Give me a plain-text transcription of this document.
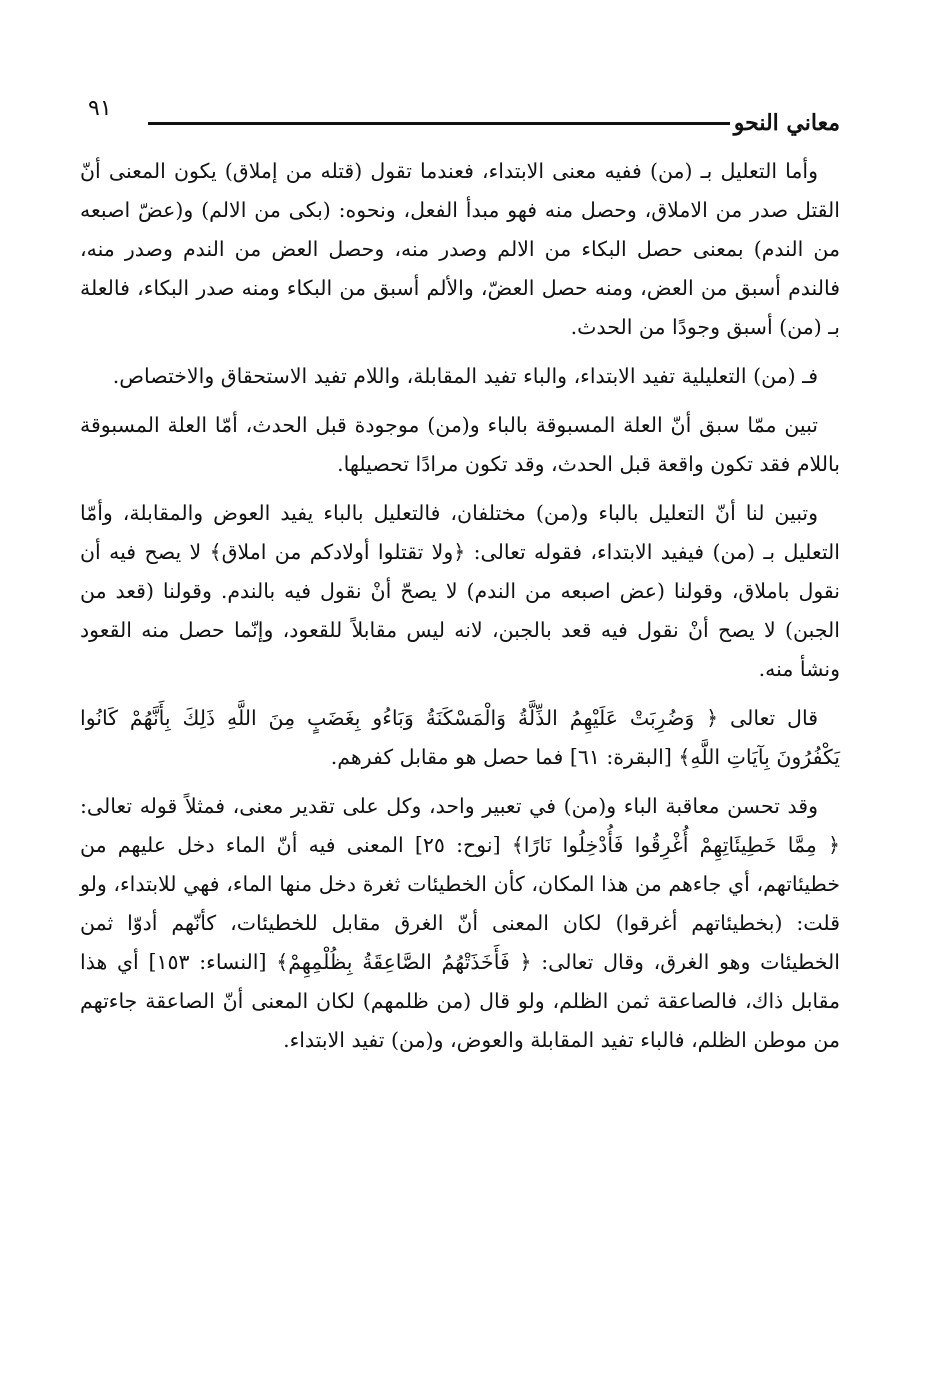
معاني النحو
٩١

وأما التعليل بـ (من) ففيه معنى الابتداء، فعندما تقول (قتله من إملاق) يكون المعنى أنّ القتل صدر من الاملاق، وحصل منه فهو مبدأ الفعل، ونحوه: (بكى من الالم) و(عضّ اصبعه من الندم) بمعنى حصل البكاء من الالم وصدر منه، وحصل العض من الندم وصدر منه، فالندم أسبق من العض، ومنه حصل العضّ، والألم أسبق من البكاء ومنه صدر البكاء، فالعلة بـ (من) أسبق وجودًا من الحدث.

فـ (من) التعليلية تفيد الابتداء، والباء تفيد المقابلة، واللام تفيد الاستحقاق والاختصاص.

تبين ممّا سبق أنّ العلة المسبوقة بالباء و(من) موجودة قبل الحدث، أمّا العلة المسبوقة باللام فقد تكون واقعة قبل الحدث، وقد تكون مرادًا تحصيلها.

وتبين لنا أنّ التعليل بالباء و(من) مختلفان، فالتعليل بالباء يفيد العوض والمقابلة، وأمّا التعليل بـ (من) فيفيد الابتداء، فقوله تعالى: ﴿ولا تقتلوا أولادكم من املاق﴾ لا يصح فيه أن نقول باملاق، وقولنا (عض اصبعه من الندم) لا يصحّ أنْ نقول فيه بالندم. وقولنا (قعد من الجبن) لا يصح أنْ نقول فيه قعد بالجبن، لانه ليس مقابلاً للقعود، وإنّما حصل منه القعود ونشأ منه.

قال تعالى ﴿ وَضُرِبَتْ عَلَيْهِمُ الذِّلَّةُ وَالْمَسْكَنَةُ وَبَاءُو بِغَضَبٍ مِنَ اللَّهِ ذَلِكَ بِأَنَّهُمْ كَانُوا يَكْفُرُونَ بِآيَاتِ اللَّهِ﴾ [البقرة: ٦١] فما حصل هو مقابل كفرهم.

وقد تحسن معاقبة الباء و(من) في تعبير واحد، وكل على تقدير معنى، فمثلاً قوله تعالى: ﴿ مِمَّا خَطِيئَاتِهِمْ أُغْرِقُوا فَأُدْخِلُوا نَارًا﴾ [نوح: ٢٥] المعنى فيه أنّ الماء دخل عليهم من خطيئاتهم، أي جاءهم من هذا المكان، كأن الخطيئات ثغرة دخل منها الماء، فهي للابتداء، ولو قلت: (بخطيئاتهم أغرقوا) لكان المعنى أنّ الغرق مقابل للخطيئات، كأنّهم أدوّا ثمن الخطيئات وهو الغرق، وقال تعالى: ﴿ فَأَخَذَتْهُمُ الصَّاعِقَةُ بِظُلْمِهِمْ﴾ [النساء: ١٥٣] أي هذا مقابل ذاك، فالصاعقة ثمن الظلم، ولو قال (من ظلمهم) لكان المعنى أنّ الصاعقة جاءتهم من موطن الظلم، فالباء تفيد المقابلة والعوض، و(من) تفيد الابتداء.
